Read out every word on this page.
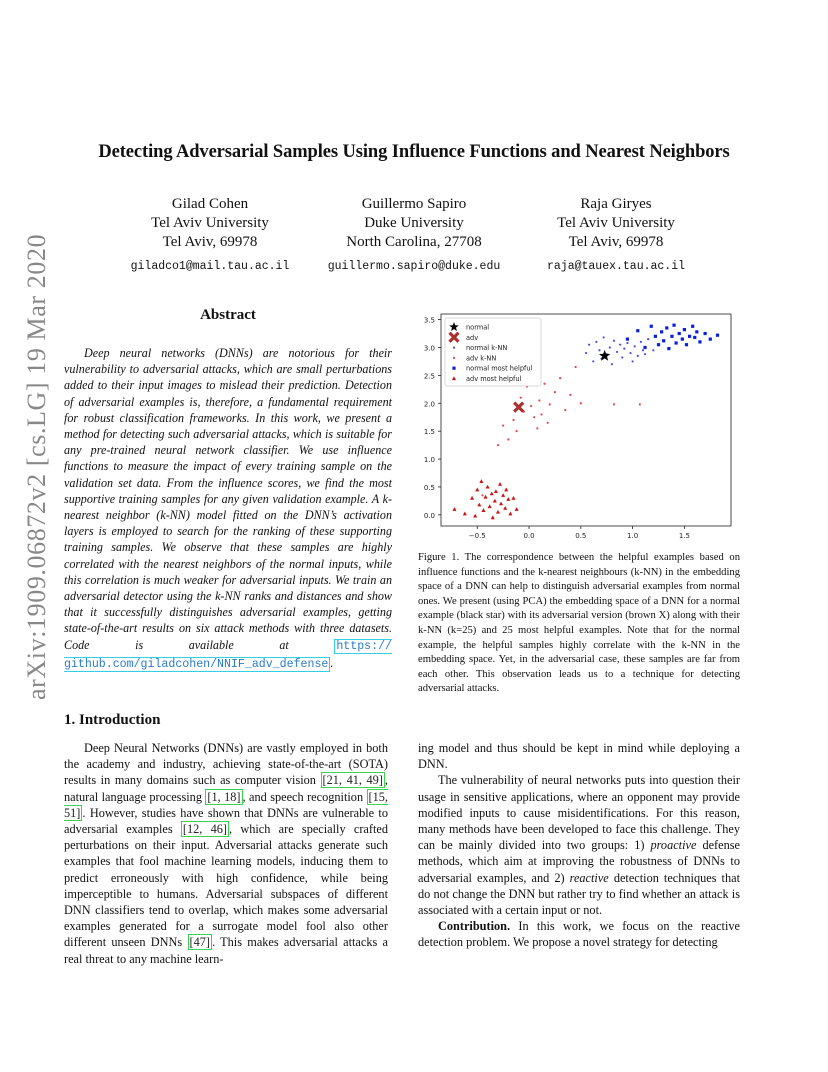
arXiv:1909.06872v2 [cs.LG] 19 Mar 2020
Detecting Adversarial Samples Using Influence Functions and Nearest Neighbors
Gilad Cohen
Tel Aviv University
Tel Aviv, 69978
giladco1@mail.tau.ac.il
Guillermo Sapiro
Duke University
North Carolina, 27708
guillermo.sapiro@duke.edu
Raja Giryes
Tel Aviv University
Tel Aviv, 69978
raja@tauex.tau.ac.il
Abstract

Deep neural networks (DNNs) are notorious for their vulnerability to adversarial attacks, which are small perturbations added to their input images to mislead their prediction. Detection of adversarial examples is, therefore, a fundamental requirement for robust classification frameworks. In this work, we present a method for detecting such adversarial attacks, which is suitable for any pre-trained neural network classifier. We use influence functions to measure the impact of every training sample on the validation set data. From the influence scores, we find the most supportive training samples for any given validation example. A k-nearest neighbor (k-NN) model fitted on the DNN’s activation layers is employed to search for the ranking of these supporting training samples. We observe that these samples are highly correlated with the nearest neighbors of the normal inputs, while this correlation is much weaker for adversarial inputs. We train an adversarial detector using the k-NN ranks and distances and show that it successfully distinguishes adversarial examples, getting state-of-the-art results on six attack methods with three datasets. Code is available at	https:// github.com/giladcohen/NNIF_adv_defense .

1. Introduction

Deep Neural Networks (DNNs) are vastly employed in both the academy and industry, achieving state-of-the-art (SOTA) results in many domains such as computer vision [21, 41, 49] , natural language processing [1, 18] , and speech recognition [15, 51] . However, studies have shown that DNNs are vulnerable to adversarial examples [12, 46] , which are specially crafted perturbations on their input. Adversarial attacks generate such examples that fool machine learning models, inducing them to predict erroneously with high confidence, while being imperceptible to humans. Adversarial subspaces of different DNN classifiers tend to overlap, which makes some adversarial examples generated for a surrogate model fool also other different unseen DNNs [47] . This makes adversarial attacks a real threat to any machine learn-

ing model and thus should be kept in mind while deploying a DNN.

The vulnerability of neural networks puts into question their usage in sensitive applications, where an opponent may provide modified inputs to cause misidentifications. For this reason, many methods have been developed to face this challenge. They can be mainly divided into two groups: 1) proactive defense methods, which aim at improving the robustness of DNNs to adversarial examples, and 2) reactive detection techniques that do not change the DNN but rather try to find whether an attack is associated with a certain input or not.

Contribution. In this work, we focus on the reactive detection problem. We propose a novel strategy for detecting

0.0
0.5
1.0
1.5
2.0
2.5
3.0
3.5
−0.5	0.0	0.5	1.0	1.5
normal
adv
normal k-NN
adv k-NN
normal most helpful
adv most helpful
Figure 1. The correspondence between the helpful examples based on influence functions and the k-nearest neighbours (k-NN) in the embedding space of a DNN can help to distinguish adversarial examples from normal ones. We present (using PCA) the embedding space of a DNN for a normal example (black star) with its adversarial version (brown X) along with their k-NN (k=25) and 25 most helpful examples. Note that for the normal example, the helpful samples highly correlate with the k-NN in the embedding space. Yet, in the adversarial case, these samples are far from each other. This observation leads us to a technique for detecting adversarial attacks.
